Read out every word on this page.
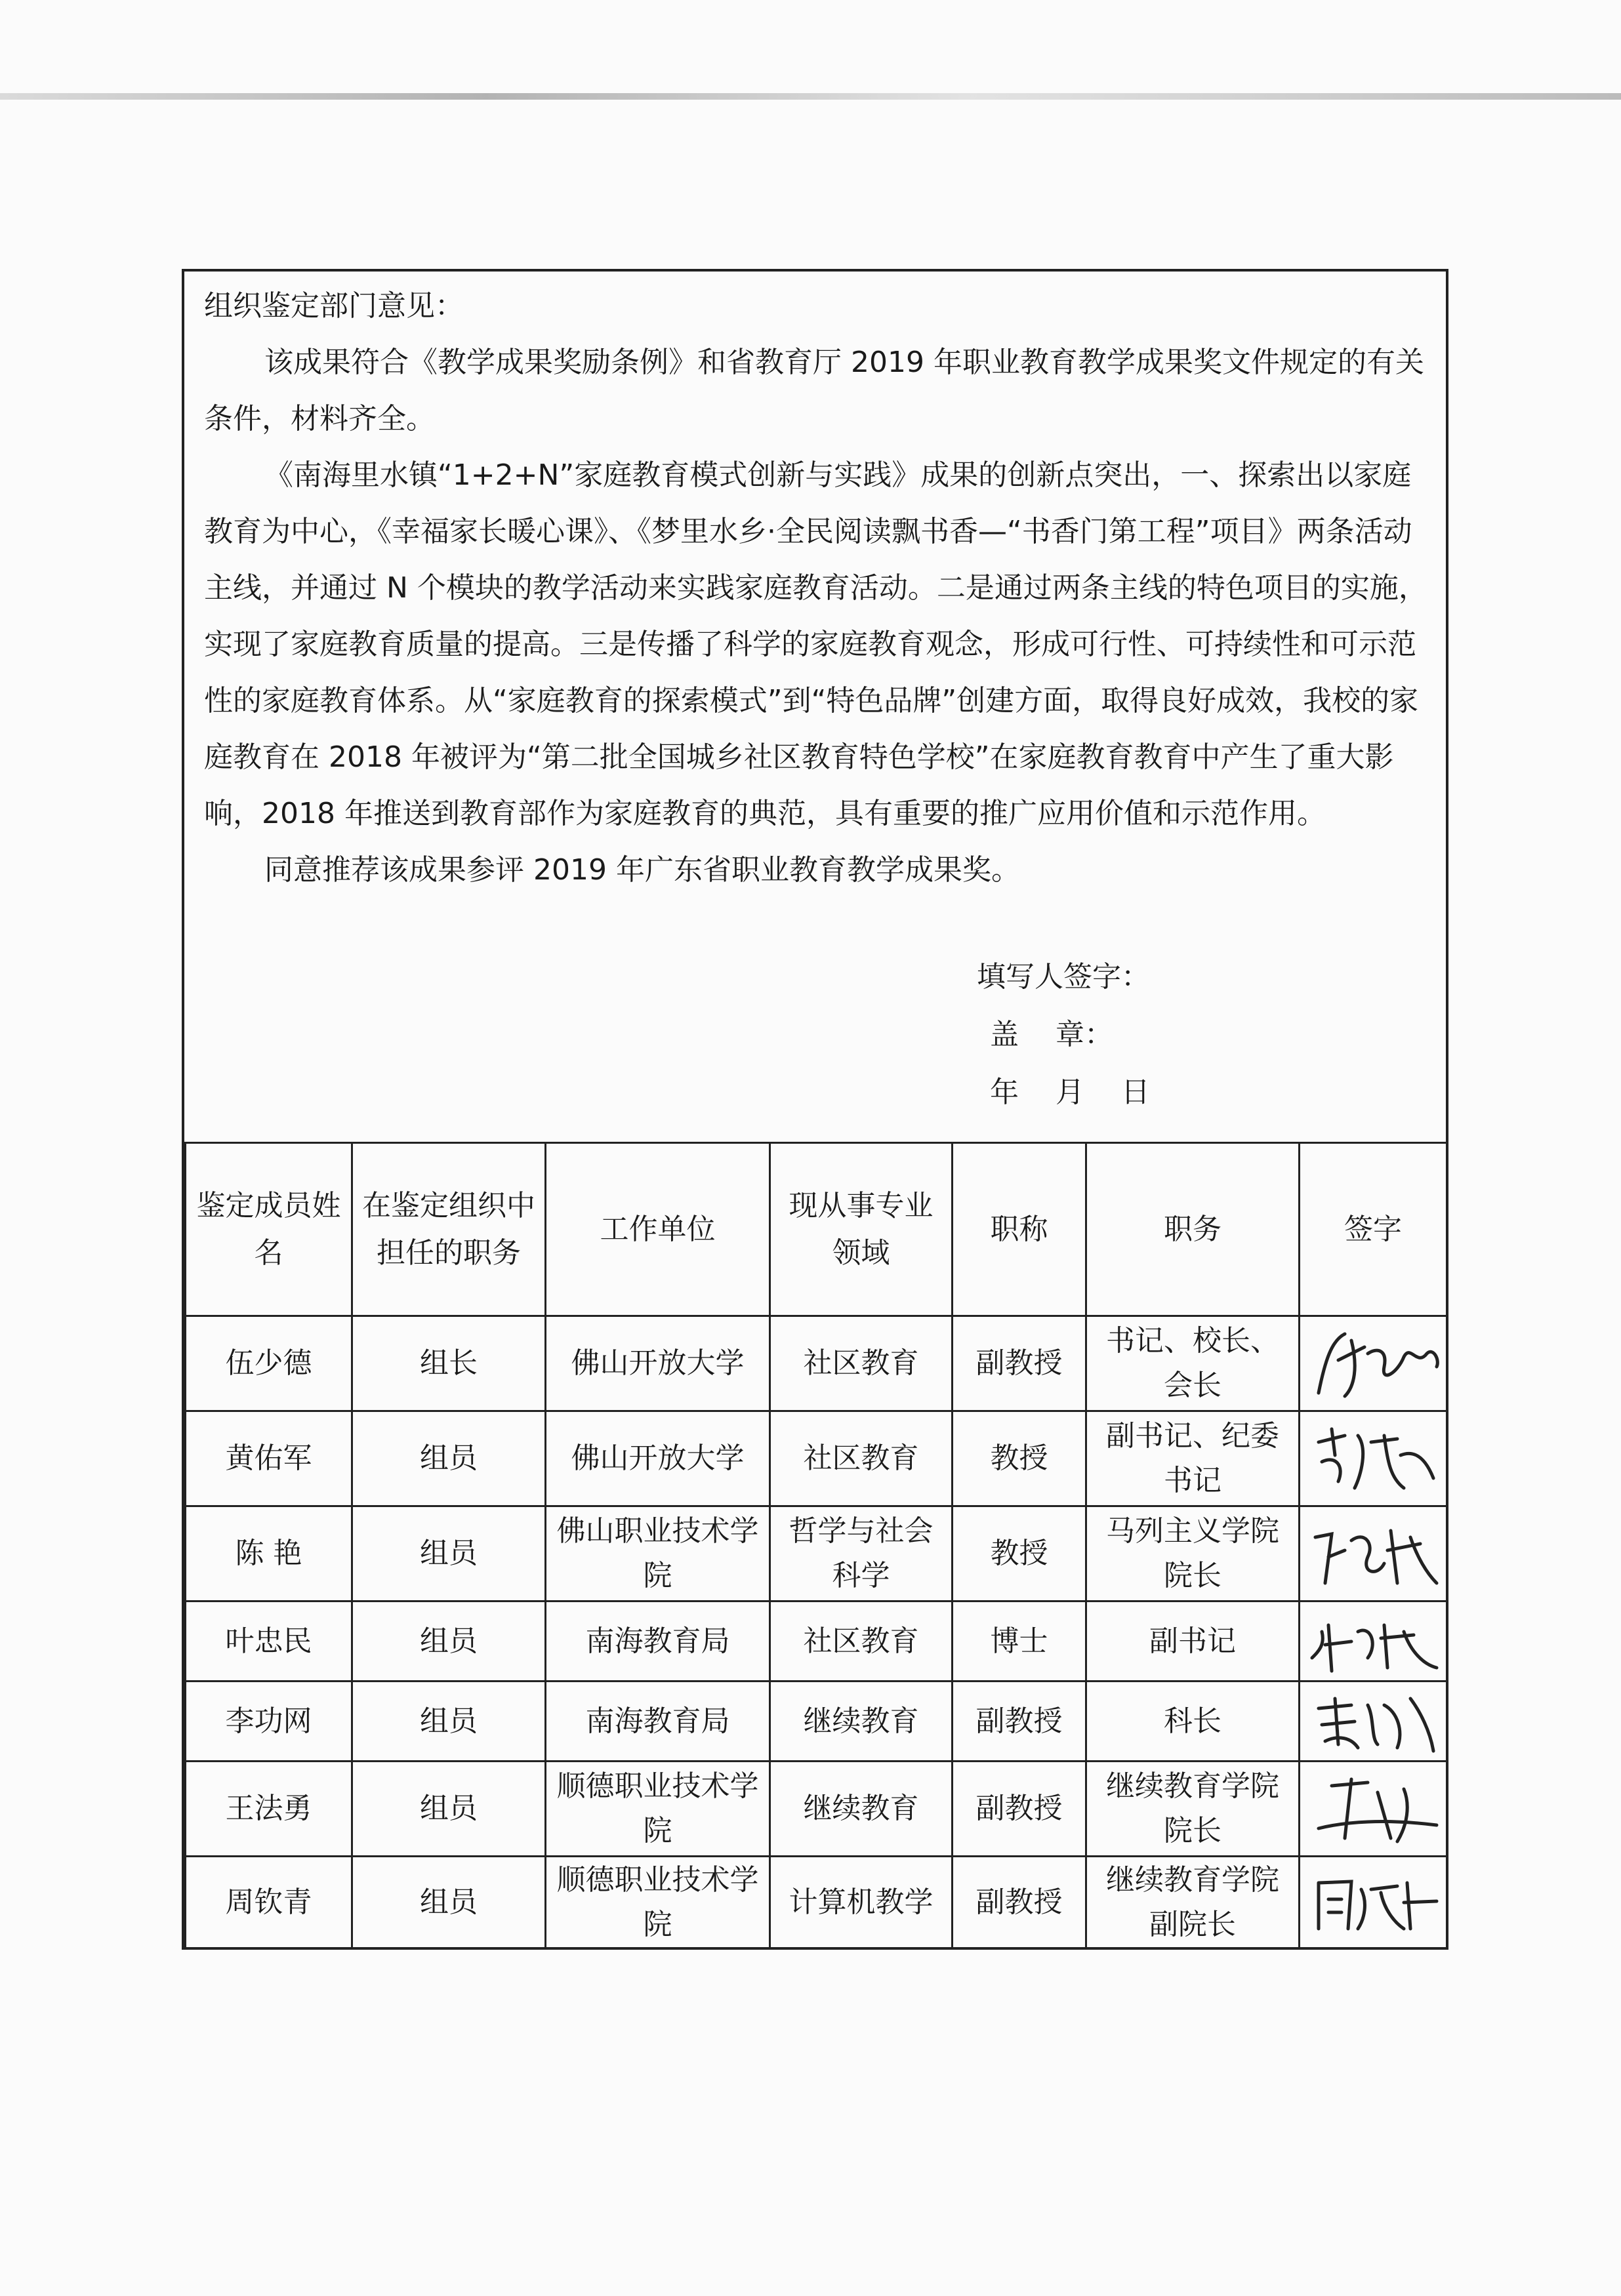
组织鉴定部门意见：

该成果符合《教学成果奖励条例》和省教育厅 2019 年职业教育教学成果奖文件规定的有关条件，材料齐全。

《南海里水镇“1+2+N”家庭教育模式创新与实践》成果的创新点突出，一、探索出以家庭教育为中心，《幸福家长暖心课》、《梦里水乡·全民阅读飘书香—“书香门第工程”项目》两条活动主线，并通过 N 个模块的教学活动来实践家庭教育活动。二是通过两条主线的特色项目的实施，实现了家庭教育质量的提高。三是传播了科学的家庭教育观念，形成可行性、可持续性和可示范性的家庭教育体系。从“家庭教育的探索模式”到“特色品牌”创建方面，取得良好成效，我校的家庭教育在 2018 年被评为“第二批全国城乡社区教育特色学校”在家庭教育教育中产生了重大影响，2018 年推送到教育部作为家庭教育的典范，具有重要的推广应用价值和示范作用。

同意推荐该成果参评 2019 年广东省职业教育教学成果奖。

填写人签字：
盖    章：
年    月    日
鉴定成员姓名	在鉴定组织中担任的职务	工作单位	现从事专业领域	职称	职务	签字
伍少德	组长	佛山开放大学	社区教育	副教授	书记、校长、会长	

黄佑军	组员	佛山开放大学	社区教育	教授	副书记、纪委书记	

陈 艳	组员	佛山职业技术学院	哲学与社会科学	教授	马列主义学院院长	

叶忠民	组员	南海教育局	社区教育	博士	副书记	

李功网	组员	南海教育局	继续教育	副教授	科长	

王法勇	组员	顺德职业技术学院	继续教育	副教授	继续教育学院院长	

周钦青	组员	顺德职业技术学院	计算机教学	副教授	继续教育学院副院长	
